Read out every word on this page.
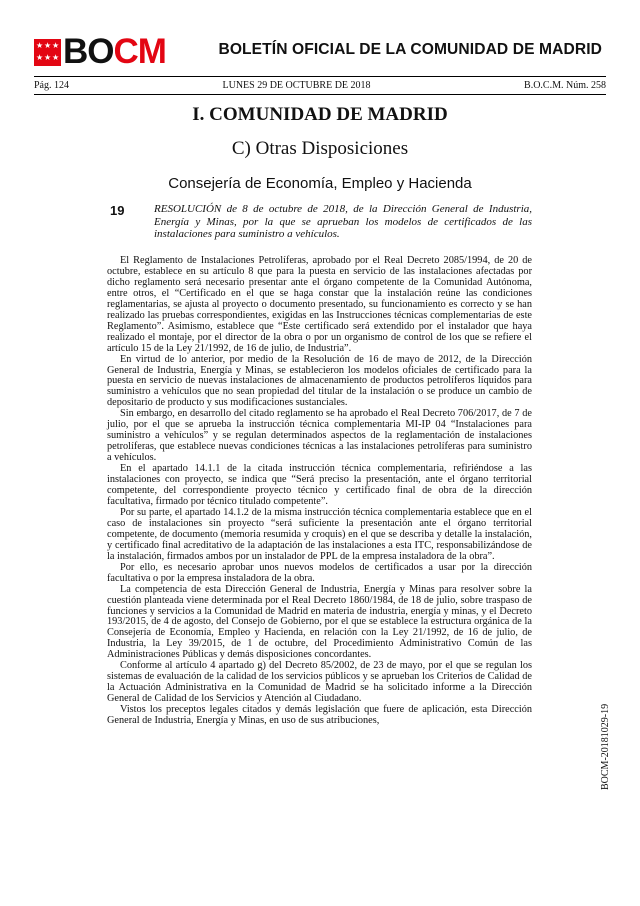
★ ★ ★
★ ★ ★ BOCM	BOLETÍN OFICIAL DE LA COMUNIDAD DE MADRID
Pág. 124	LUNES 29 DE OCTUBRE DE 2018	B.O.C.M. Núm. 258
I. COMUNIDAD DE MADRID
C) Otras Disposiciones
Consejería de Economía, Empleo y Hacienda
19	RESOLUCIÓN de 8 de octubre de 2018, de la Dirección General de Industria, Energía y Minas, por la que se aprueban los modelos de certificados de las instalaciones para suministro a vehículos.

El Reglamento de Instalaciones Petrolíferas, aprobado por el Real Decreto 2085/1994, de 20 de octubre, establece en su artículo 8 que para la puesta en servicio de las instalaciones afectadas por dicho reglamento será necesario presentar ante el órgano competente de la Comunidad Autónoma, entre otros, el “Certificado en el que se haga constar que la instalación reúne las condiciones reglamentarias, se ajusta al proyecto o documento presentado, su funcionamiento es correcto y se han realizado las pruebas correspondientes, exigidas en las Instrucciones técnicas complementarias de este Reglamento”. Asimismo, establece que “Este certificado será extendido por el instalador que haya realizado el montaje, por el director de la obra o por un organismo de control de los que se refiere el artículo 15 de la Ley 21/1992, de 16 de julio, de Industria”.

En virtud de lo anterior, por medio de la Resolución de 16 de mayo de 2012, de la Dirección General de Industria, Energía y Minas, se establecieron los modelos oficiales de certificado para la puesta en servicio de nuevas instalaciones de almacenamiento de productos petrolíferos líquidos para suministro a vehículos que no sean propiedad del titular de la instalación o se produce un cambio de depositario de producto y sus modificaciones sustanciales.

Sin embargo, en desarrollo del citado reglamento se ha aprobado el Real Decreto 706/2017, de 7 de julio, por el que se aprueba la instrucción técnica complementaria MI-IP 04 “Instalaciones para suministro a vehículos” y se regulan determinados aspectos de la reglamentación de instalaciones petrolíferas, que establece nuevas condiciones técnicas a las instalaciones petrolíferas para suministro a vehículos.

En el apartado 14.1.1 de la citada instrucción técnica complementaria, refiriéndose a las instalaciones con proyecto, se indica que “Será preciso la presentación, ante el órgano territorial competente, del correspondiente proyecto técnico y certificado final de obra de la dirección facultativa, firmado por técnico titulado competente”.

Por su parte, el apartado 14.1.2 de la misma instrucción técnica complementaria establece que en el caso de instalaciones sin proyecto “será suficiente la presentación ante el órgano territorial competente, de documento (memoria resumida y croquis) en el que se describa y detalle la instalación, y certificado final acreditativo de la adaptación de las instalaciones a esta ITC, responsabilizándose de la instalación, firmados ambos por un instalador de PPL de la empresa instaladora de la obra”.

Por ello, es necesario aprobar unos nuevos modelos de certificados a usar por la dirección facultativa o por la empresa instaladora de la obra.

La competencia de esta Dirección General de Industria, Energía y Minas para resolver sobre la cuestión planteada viene determinada por el Real Decreto 1860/1984, de 18 de julio, sobre traspaso de funciones y servicios a la Comunidad de Madrid en materia de industria, energía y minas, y el Decreto 193/2015, de 4 de agosto, del Consejo de Gobierno, por el que se establece la estructura orgánica de la Consejería de Economía, Empleo y Hacienda, en relación con la Ley 21/1992, de 16 de julio, de Industria, la Ley 39/2015, de 1 de octubre, del Procedimiento Administrativo Común de las Administraciones Públicas y demás disposiciones concordantes.

Conforme al artículo 4 apartado g) del Decreto 85/2002, de 23 de mayo, por el que se regulan los sistemas de evaluación de la calidad de los servicios públicos y se aprueban los Criterios de Calidad de la Actuación Administrativa en la Comunidad de Madrid se ha solicitado informe a la Dirección General de Calidad de los Servicios y Atención al Ciudadano.

Vistos los preceptos legales citados y demás legislación que fuere de aplicación, esta Dirección General de Industria, Energía y Minas, en uso de sus atribuciones,	BOCM-20181029-19
